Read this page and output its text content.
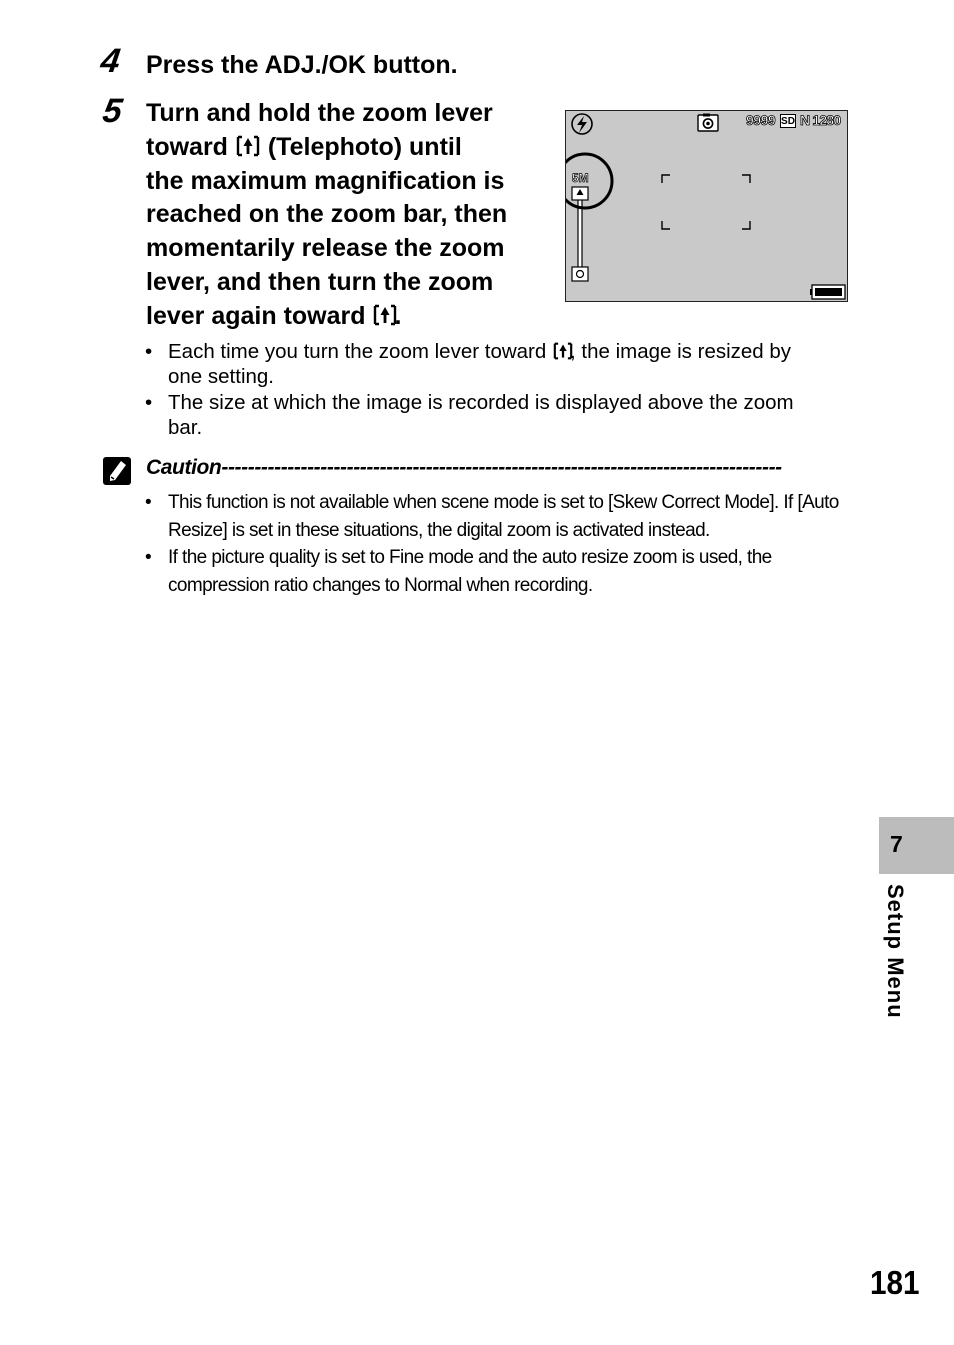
4 Press the ADJ./OK button.
5 Turn and hold the zoom lever
toward (Telephoto) until
the maximum magnification is
reached on the zoom bar, then
momentarily release the zoom
lever, and then turn the zoom
lever again toward .
9999 SD N 1280
5M
• Each time you turn the zoom lever toward , the image is resized by
one setting.
• The size at which the image is recorded is displayed above the zoom
bar.
Caution-------------------------------------------------------------------------------------
• This function is not available when scene mode is set to [Skew Correct Mode]. If [Auto
Resize] is set in these situations, the digital zoom is activated instead.
• If the picture quality is set to Fine mode and the auto resize zoom is used, the
compression ratio changes to Normal when recording.
7
Setup Menu
181
